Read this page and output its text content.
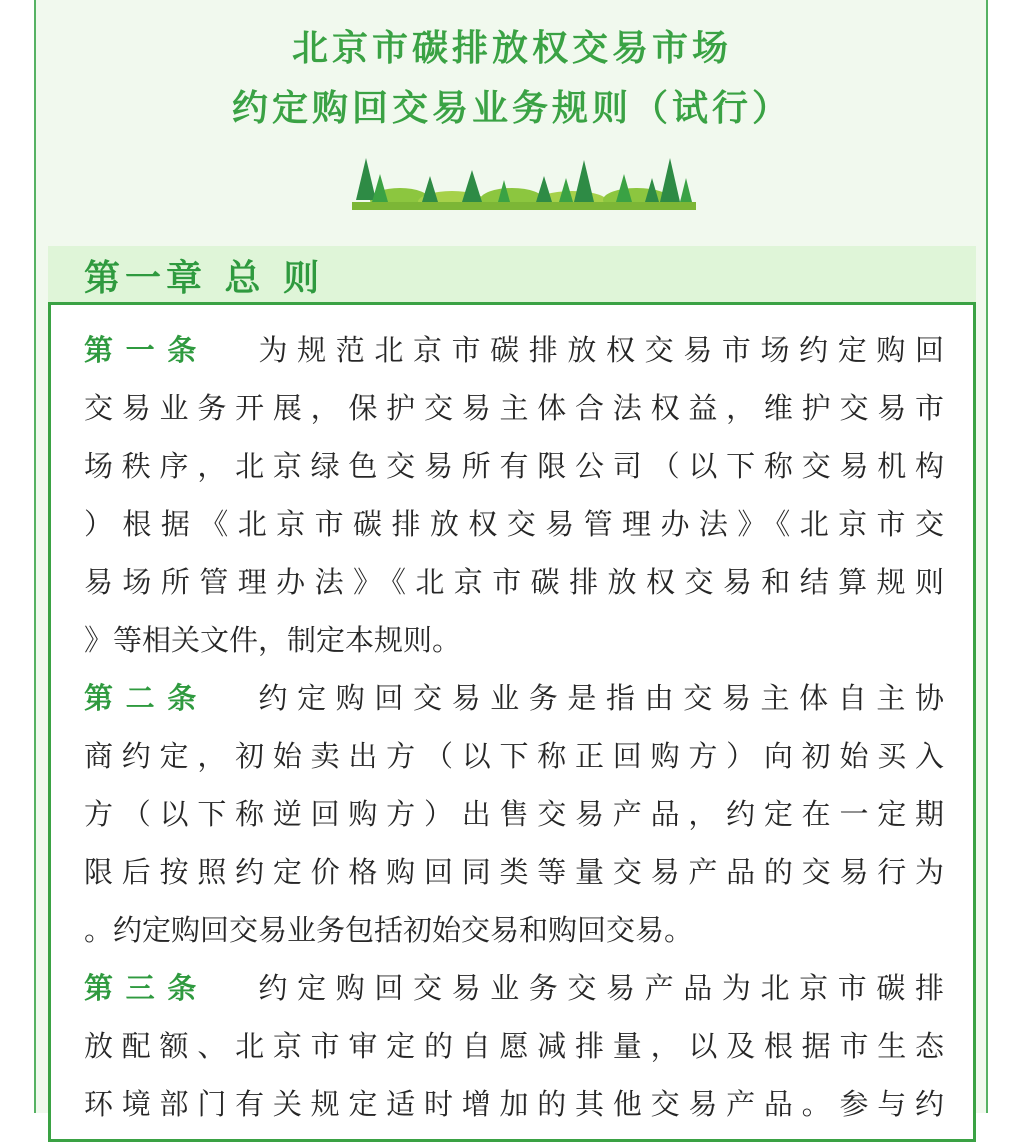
北京市碳排放权交易市场
约定购回交易业务规则（试行）
第一章 总 则
第一条 为规范北京市碳排放权交易市场约定购回
交易业务开展，保护交易主体合法权益，维护交易市
场秩序，北京绿色交易所有限公司（以下称交易机构
）根据《北京市碳排放权交易管理办法》《北京市交
易场所管理办法》《北京市碳排放权交易和结算规则
》等相关文件，制定本规则。
第二条 约定购回交易业务是指由交易主体自主协
商约定，初始卖出方（以下称正回购方）向初始买入
方（以下称逆回购方）出售交易产品，约定在一定期
限后按照约定价格购回同类等量交易产品的交易行为
。约定购回交易业务包括初始交易和购回交易。
第三条 约定购回交易业务交易产品为北京市碳排
放配额、北京市审定的自愿减排量，以及根据市生态
环境部门有关规定适时增加的其他交易产品。参与约
